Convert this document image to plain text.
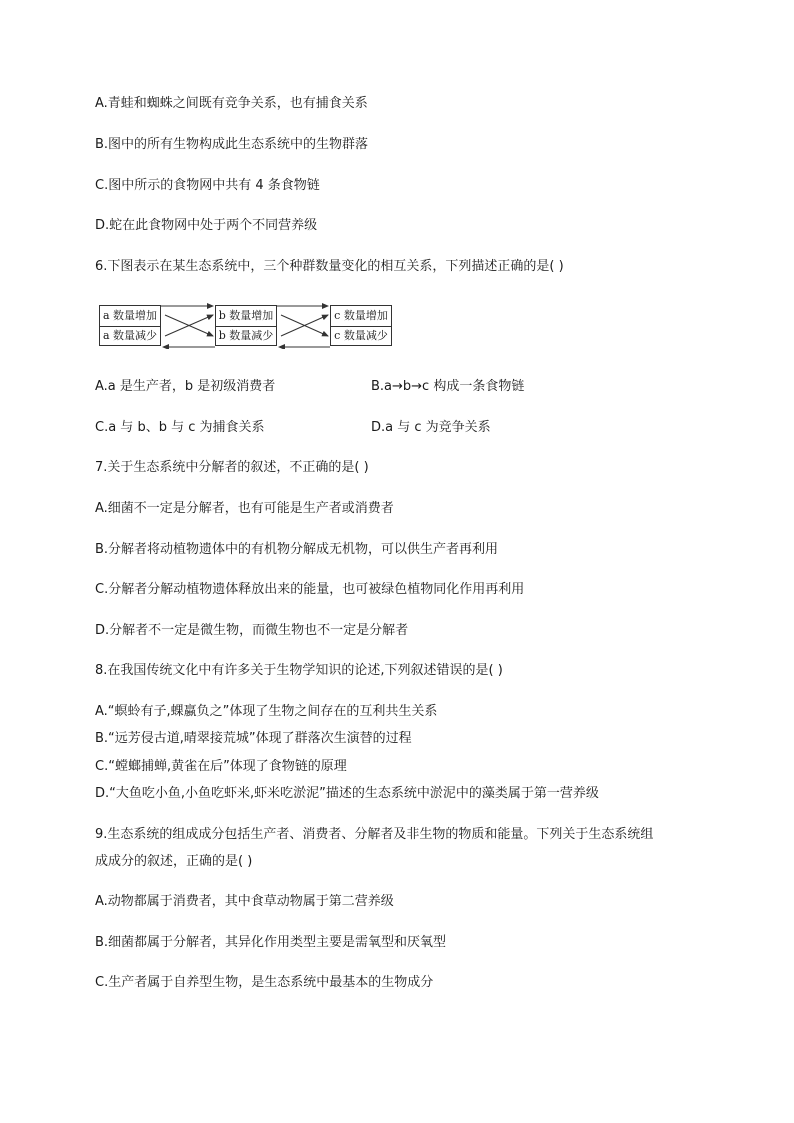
A.青蛙和蜘蛛之间既有竞争关系，也有捕食关系
B.图中的所有生物构成此生态系统中的生物群落
C.图中所示的食物网中共有 4 条食物链
D.蛇在此食物网中处于两个不同营养级
6.下图表示在某生态系统中，三个种群数量变化的相互关系，下列描述正确的是( )
a 数量增加
a 数量减少
b 数量增加
b 数量减少
c 数量增加
c 数量减少
A.a 是生产者，b 是初级消费者	B.a→b→c 构成一条食物链
C.a 与 b、b 与 c 为捕食关系	D.a 与 c 为竞争关系
7.关于生态系统中分解者的叙述，不正确的是( )
A.细菌不一定是分解者，也有可能是生产者或消费者
B.分解者将动植物遗体中的有机物分解成无机物，可以供生产者再利用
C.分解者分解动植物遗体释放出来的能量，也可被绿色植物同化作用再利用
D.分解者不一定是微生物，而微生物也不一定是分解者
8.在我国传统文化中有许多关于生物学知识的论述,下列叙述错误的是( )
A.“螟蛉有子,蜾蠃负之”体现了生物之间存在的互利共生关系
B.“远芳侵古道,晴翠接荒城”体现了群落次生演替的过程
C.“螳螂捕蝉,黄雀在后”体现了食物链的原理
D.“大鱼吃小鱼,小鱼吃虾米,虾米吃淤泥”描述的生态系统中淤泥中的藻类属于第一营养级
9.生态系统的组成成分包括生产者、消费者、分解者及非生物的物质和能量。下列关于生态系统组
成成分的叙述，正确的是( )
A.动物都属于消费者，其中食草动物属于第二营养级
B.细菌都属于分解者，其异化作用类型主要是需氧型和厌氧型
C.生产者属于自养型生物，是生态系统中最基本的生物成分
